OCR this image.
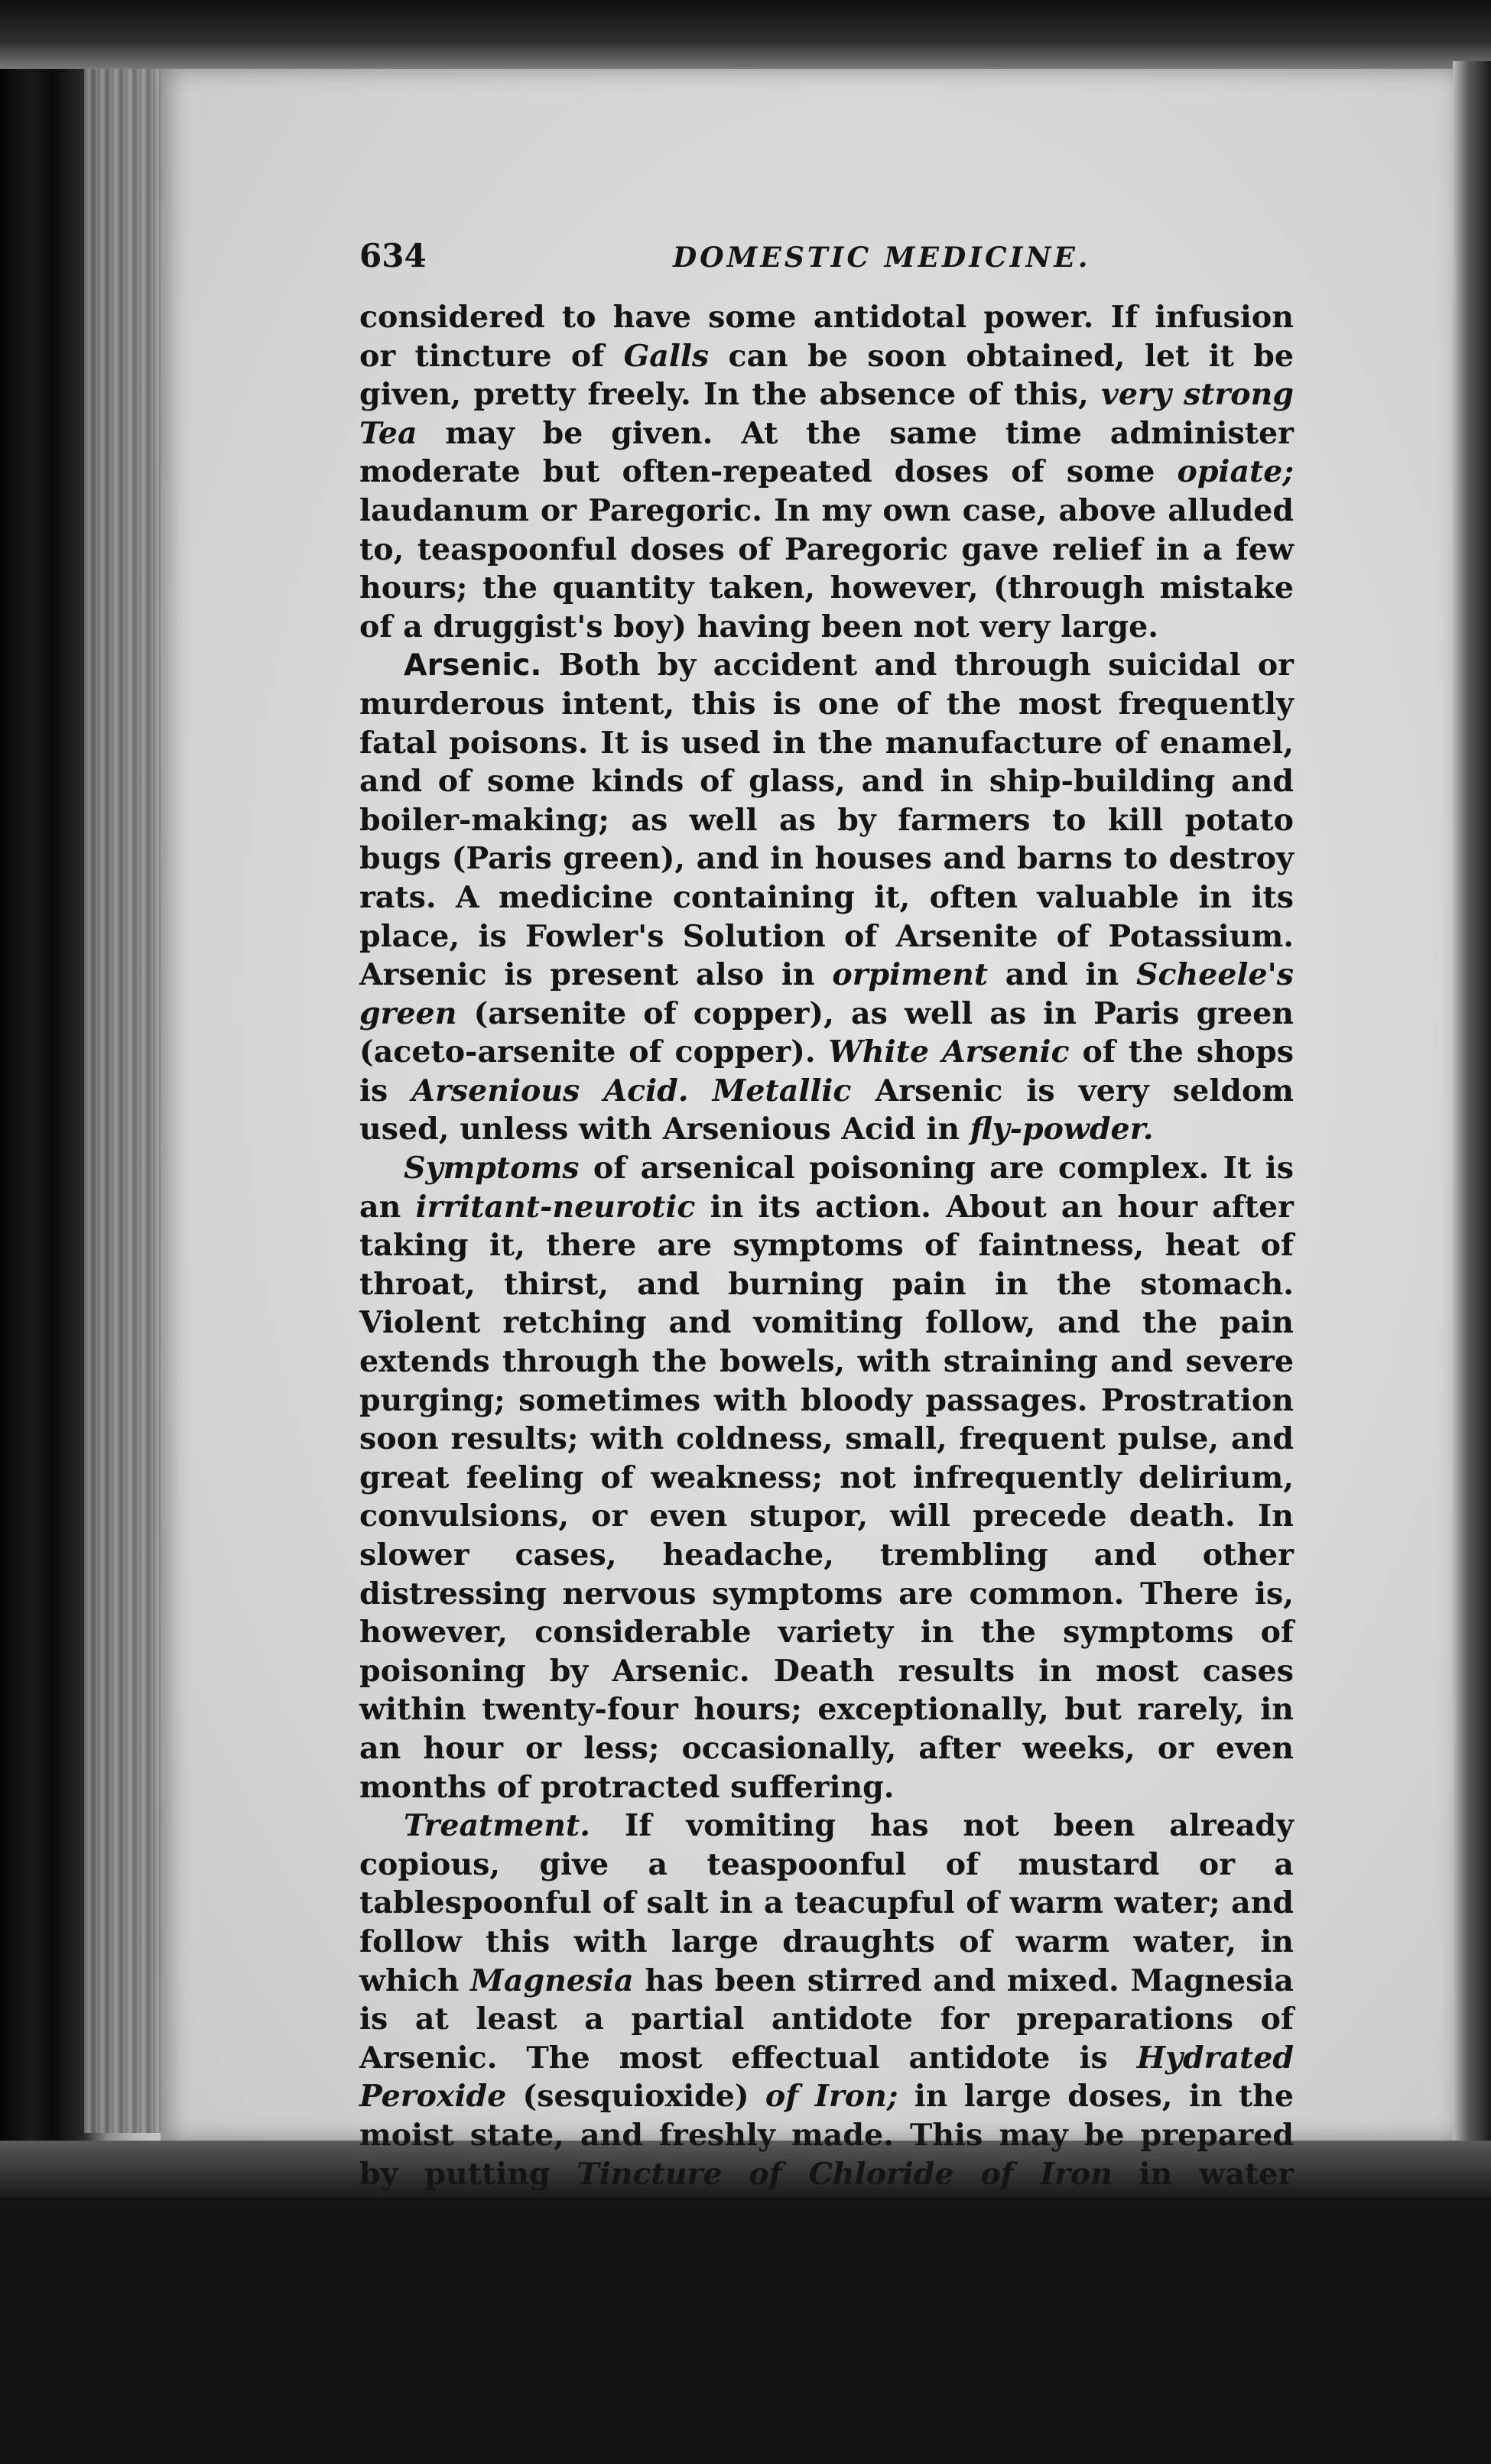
634	DOMESTIC MEDICINE.

considered to have some antidotal power. If infusion or tincture of Galls can be soon obtained, let it be given, pretty freely. In the absence of this, very strong Tea may be given. At the same time administer moderate but often-repeated doses of some opiate; laudanum or Paregoric. In my own case, above alluded to, teaspoonful doses of Paregoric gave relief in a few hours; the quantity taken, however, (through mistake of a druggist's boy) having been not very large.

Arsenic. Both by accident and through suicidal or murderous intent, this is one of the most frequently fatal poisons. It is used in the manufacture of enamel, and of some kinds of glass, and in ship-building and boiler-making; as well as by farmers to kill potato bugs (Paris green), and in houses and barns to destroy rats. A medicine containing it, often valuable in its place, is Fowler's Solution of Arsenite of Potassium. Arsenic is present also in orpiment and in Scheele's green (arsenite of copper), as well as in Paris green (aceto-arsenite of copper). White Arsenic of the shops is Arsenious Acid. Metallic Arsenic is very seldom used, unless with Arsenious Acid in fly-powder.

Symptoms of arsenical poisoning are complex. It is an irritant-neurotic in its action. About an hour after taking it, there are symptoms of faintness, heat of throat, thirst, and burning pain in the stomach. Violent retching and vomiting follow, and the pain extends through the bowels, with straining and severe purging; sometimes with bloody passages. Prostration soon results; with coldness, small, frequent pulse, and great feeling of weakness; not infrequently delirium, convulsions, or even stupor, will precede death. In slower cases, headache, trembling and other distressing nervous symptoms are common. There is, however, considerable variety in the symptoms of poisoning by Arsenic. Death results in most cases within twenty-four hours; exceptionally, but rarely, in an hour or less; occasionally, after weeks, or even months of protracted suffering.

Treatment. If vomiting has not been already copious, give a teaspoonful of mustard or a tablespoonful of salt in a teacupful of warm water; and follow this with large draughts of warm water, in which Magnesia has been stirred and mixed. Magnesia is at least a partial antidote for preparations of Arsenic. The most effectual antidote is Hydrated Peroxide (sesquioxide) of Iron; in large doses, in the moist state, and freshly made. This may be prepared by putting Tincture of Chloride of Iron in water (quantity not of very great consequence, use plenty of it), and then adding Aqua Ammoniæ (solution of Ammonia or hartshorn). A thick powder will be thus precipitated;—which, after washing it with clean water, may be given in tablespoonful doses as an antidote for Arsenic. After this has been freely given, or, in its absence, Magnesia,
